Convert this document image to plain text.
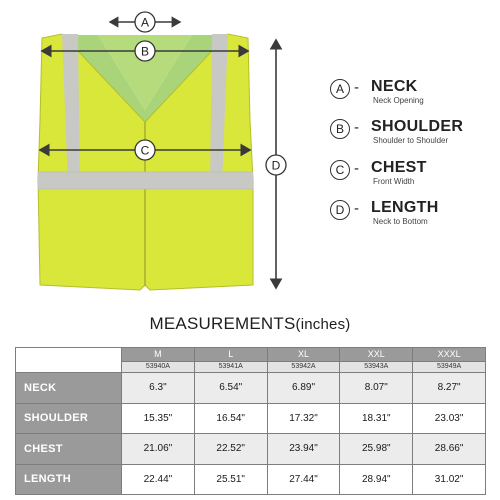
A
B
C
D
A - NECK
Neck Opening
B - SHOULDER
Shoulder to Shoulder
C - CHEST
Front Width
D - LENGTH
Neck to Bottom
MEASUREMENTS(inches)
	M	L	XL	XXL	XXXL
	53940A	53941A	53942A	53943A	53949A
NECK	6.3"	6.54"	6.89"	8.07"	8.27"
SHOULDER	15.35"	16.54"	17.32"	18.31"	23.03"
CHEST	21.06"	22.52"	23.94"	25.98"	28.66"
LENGTH	22.44"	25.51"	27.44"	28.94"	31.02"
